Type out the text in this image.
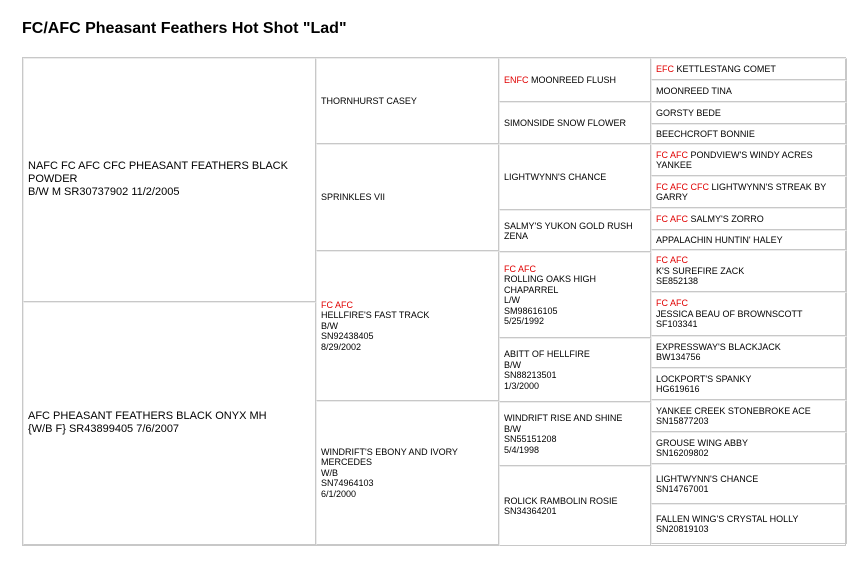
FC/AFC Pheasant Feathers Hot Shot "Lad"
NAFC FC AFC CFC PHEASANT FEATHERS BLACK POWDER
B/W M SR30737902 11/2/2005
AFC PHEASANT FEATHERS BLACK ONYX MH
{W/B F} SR43899405 7/6/2007
THORNHURST CASEY
SPRINKLES VII
FC AFC
HELLFIRE'S FAST TRACK
B/W
SN92438405
8/29/2002
WINDRIFT'S EBONY AND IVORY MERCEDES
W/B
SN74964103
6/1/2000
ENFC MOONREED FLUSH
SIMONSIDE SNOW FLOWER
LIGHTWYNN'S CHANCE
SALMY'S YUKON GOLD RUSH ZENA
FC AFC
ROLLING OAKS HIGH CHAPARREL
L/W
SM98616105
5/25/1992
ABITT OF HELLFIRE
B/W
SN88213501
1/3/2000
WINDRIFT RISE AND SHINE
B/W
SN55151208
5/4/1998
ROLICK RAMBOLIN ROSIE
SN34364201
EFC KETTLESTANG COMET
MOONREED TINA
GORSTY BEDE
BEECHCROFT BONNIE
FC AFC PONDVIEW'S WINDY ACRES YANKEE
FC AFC CFC LIGHTWYNN'S STREAK BY GARRY
FC AFC SALMY'S ZORRO
APPALACHIN HUNTIN' HALEY
FC AFC
K'S SUREFIRE ZACK
SE852138
FC AFC
JESSICA BEAU OF BROWNSCOTT
SF103341
EXPRESSWAY'S BLACKJACK
BW134756
LOCKPORT'S SPANKY
HG619616
YANKEE CREEK STONEBROKE ACE
SN15877203
GROUSE WING ABBY
SN16209802
LIGHTWYNN'S CHANCE
SN14767001
FALLEN WING'S CRYSTAL HOLLY
SN20819103
